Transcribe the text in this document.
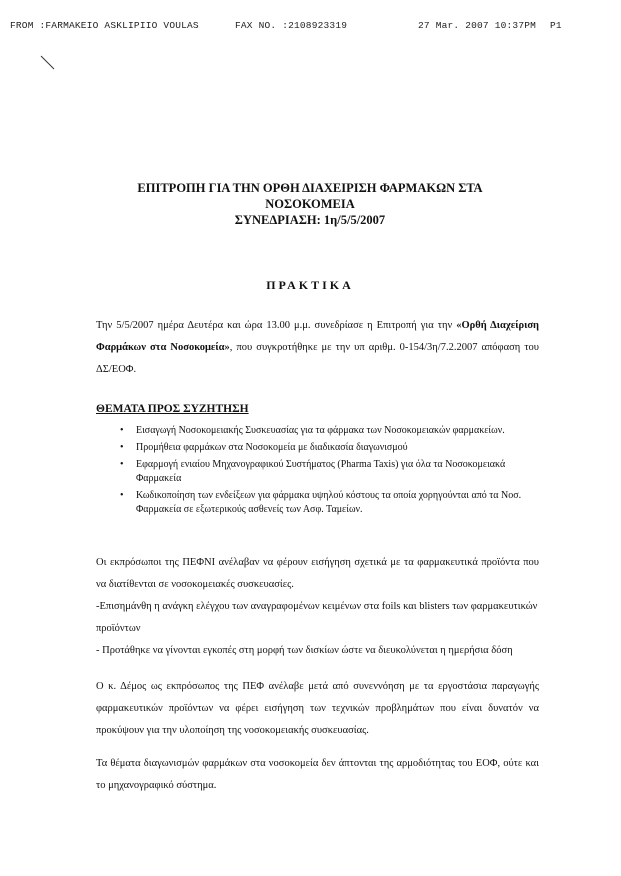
FROM :FARMAKEIO ASKLIPIIO VOULAS

	FAX NO. :2108923319

	27 Mar. 2007 10:37PM

P1

ΕΠΙΤΡΟΠΗ ΓΙΑ ΤΗΝ ΟΡΘΗ ΔΙΑΧΕΙΡΙΣΗ ΦΑΡΜΑΚΩΝ ΣΤΑ
ΝΟΣΟΚΟΜΕΙΑ
ΣΥΝΕΔΡΙΑΣΗ: 1η/5/5/2007
ΠΡΑΚΤΙΚΑ
Την 5/5/2007 ημέρα Δευτέρα και ώρα 13.00 μ.μ. συνεδρίασε η Επιτροπή για την «Ορθή Διαχείριση Φαρμάκων στα Νοσοκομεία», που συγκροτήθηκε με την υπ αριθμ. 0-154/3η/7.2.2007 απόφαση του ΔΣ/ΕΟΦ.
ΘΕΜΑΤΑ ΠΡΟΣ ΣΥΖΗΤΗΣΗ
• Εισαγωγή Νοσοκομειακής Συσκευασίας για τα φάρμακα των Νοσοκομειακών φαρμακείων.
• Προμήθεια φαρμάκων στα Νοσοκομεία με διαδικασία διαγωνισμού
• Εφαρμογή ενιαίου Μηχανογραφικού Συστήματος (Pharma Taxis) για όλα τα Νοσοκομειακά Φαρμακεία
• Κωδικοποίηση των ενδείξεων για φάρμακα υψηλού κόστους τα οποία χορηγούνται από τα Νοσ. Φαρμακεία σε εξωτερικούς ασθενείς των Ασφ. Ταμείων.
Οι εκπρόσωποι της ΠΕΦΝΙ ανέλαβαν να φέρουν εισήγηση σχετικά με τα φαρμακευτικά προϊόντα που να διατίθενται σε νοσοκομειακές συσκευασίες.
-Επισημάνθη η ανάγκη ελέγχου των αναγραφομένων κειμένων στα foils και blisters των φαρμακευτικών προϊόντων
- Προτάθηκε να γίνονται εγκοπές στη μορφή των δισκίων ώστε να διευκολύνεται η ημερήσια δόση
Ο κ. Δέμος ως εκπρόσωπος της ΠΕΦ ανέλαβε μετά από συνεννόηση με τα εργοστάσια παραγωγής φαρμακευτικών προϊόντων να φέρει εισήγηση των τεχνικών προβλημάτων που είναι δυνατόν να προκύψουν για την υλοποίηση της νοσοκομειακής συσκευασίας.
Τα θέματα διαγωνισμών φαρμάκων στα νοσοκομεία δεν άπτονται της αρμοδιότητας του ΕΟΦ, ούτε και το μηχανογραφικό σύστημα.
